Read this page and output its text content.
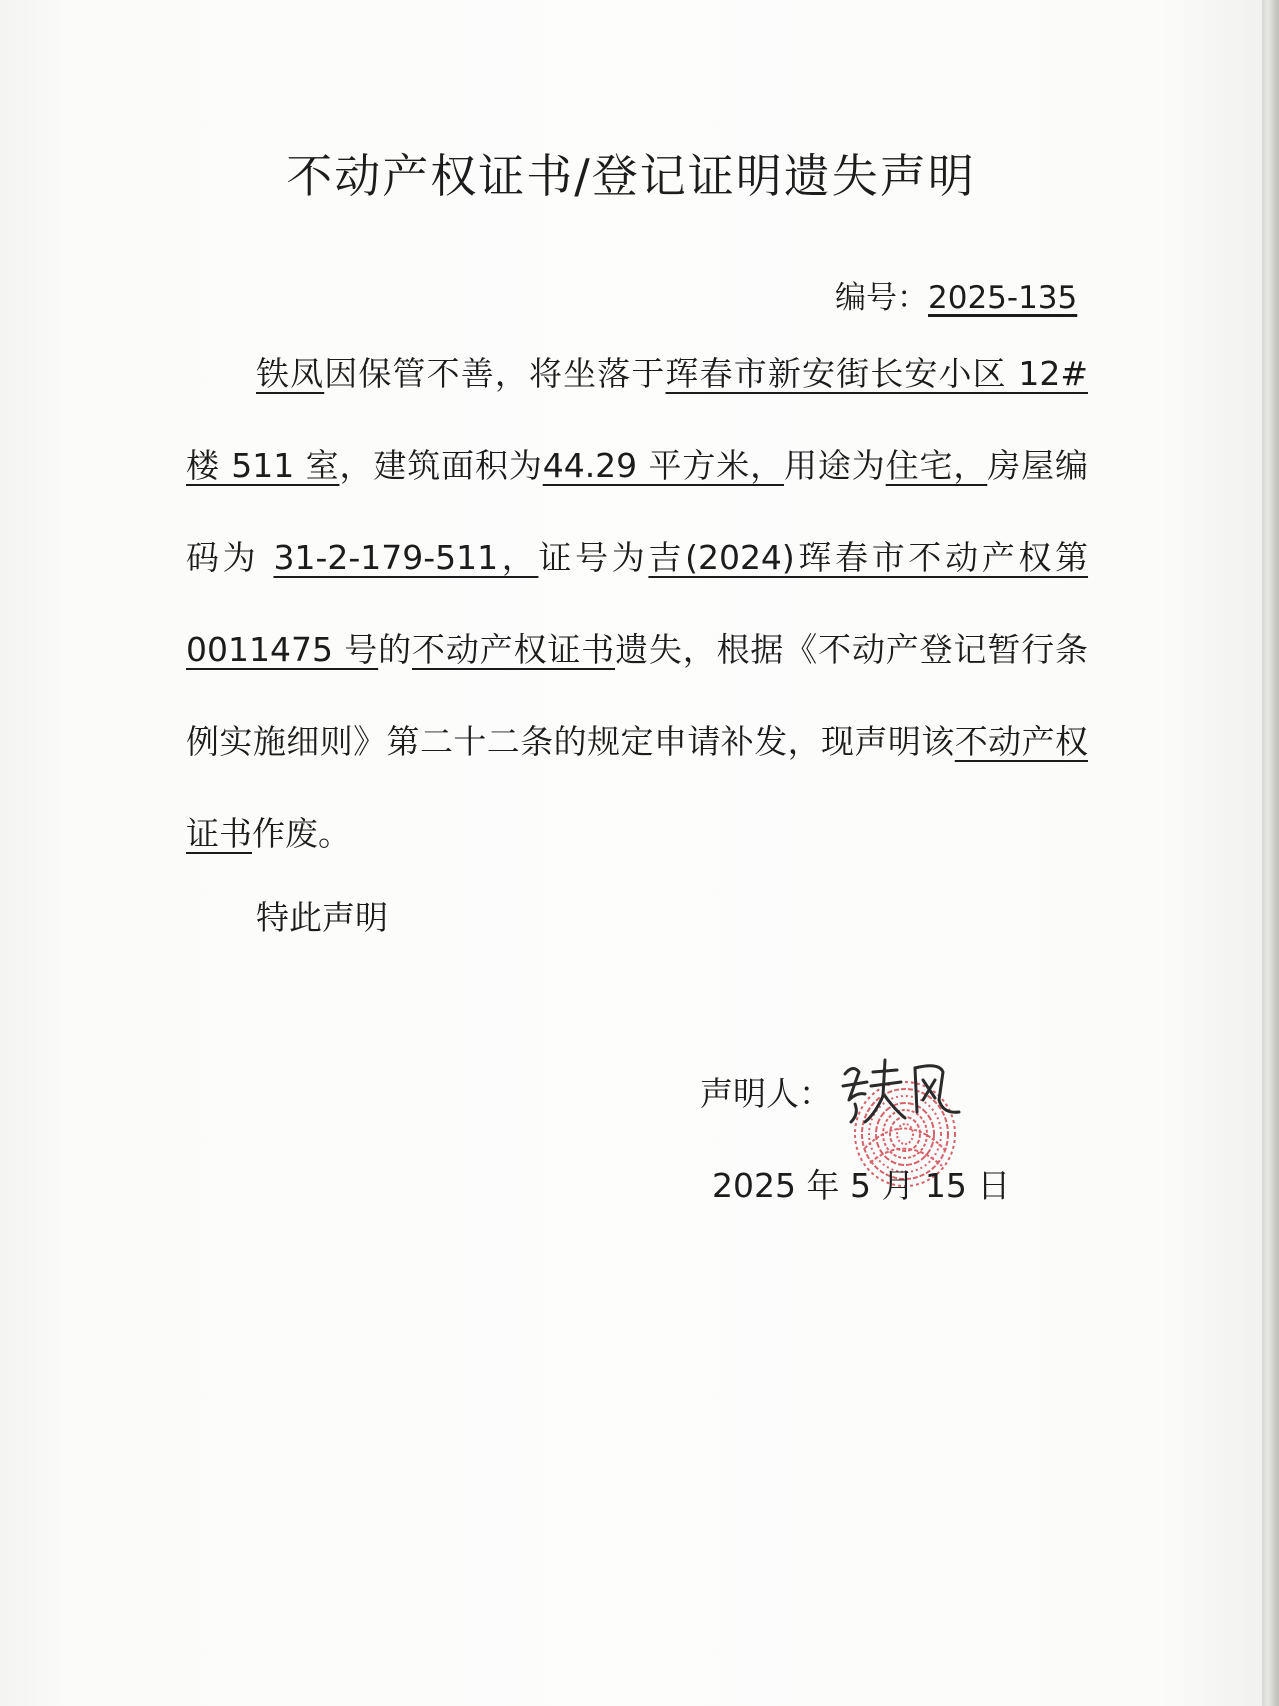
不动产权证书/登记证明遗失声明
编号：2025-135

铁凤因保管不善，将坐落于珲春市新安街长安小区 12#楼 511 室，建筑面积为44.29 平方米，用途为住宅，房屋编码为 31-2-179-511，证号为吉(2024)珲春市不动产权第 0011475 号的不动产权证书遗失，根据《不动产登记暂行条例实施细则》第二十二条的规定申请补发，现声明该不动产权证书作废。

特此声明
声明人：
2025 年 5 月 15 日
